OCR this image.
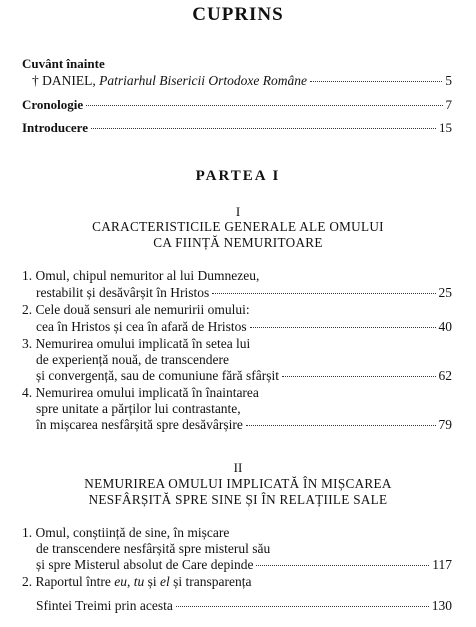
CUPRINS
Cuvânt înainte
† DANIEL, Patriarhul Bisericii Ortodoxe Române	5
Cronologie	7
Introducere	15
PARTEA I
I
CARACTERISTICILE GENERALE ALE OMULUI
CA FIINȚĂ NEMURITOARE
1. Omul, chipul nemuritor al lui Dumnezeu,
restabilit și desăvârșit în Hristos	25
2. Cele două sensuri ale nemuririi omului:
cea în Hristos și cea în afară de Hristos	40
3. Nemurirea omului implicată în setea lui
de experiență nouă, de transcendere
și convergență, sau de comuniune fără sfârșit	62
4. Nemurirea omului implicată în înaintarea
spre unitate a părților lui contrastante,
în mișcarea nesfârșită spre desăvârșire	79
II
NEMURIREA OMULUI IMPLICATĂ ÎN MIȘCAREA
NESFÂRȘITĂ SPRE SINE ȘI ÎN RELAȚIILE SALE
1. Omul, conștiință de sine, în mișcare
de transcendere nesfârșită spre misterul său
și spre Misterul absolut de Care depinde	117
2. Raportul între eu, tu și el și transparența
Sfintei Treimi prin acesta	130
